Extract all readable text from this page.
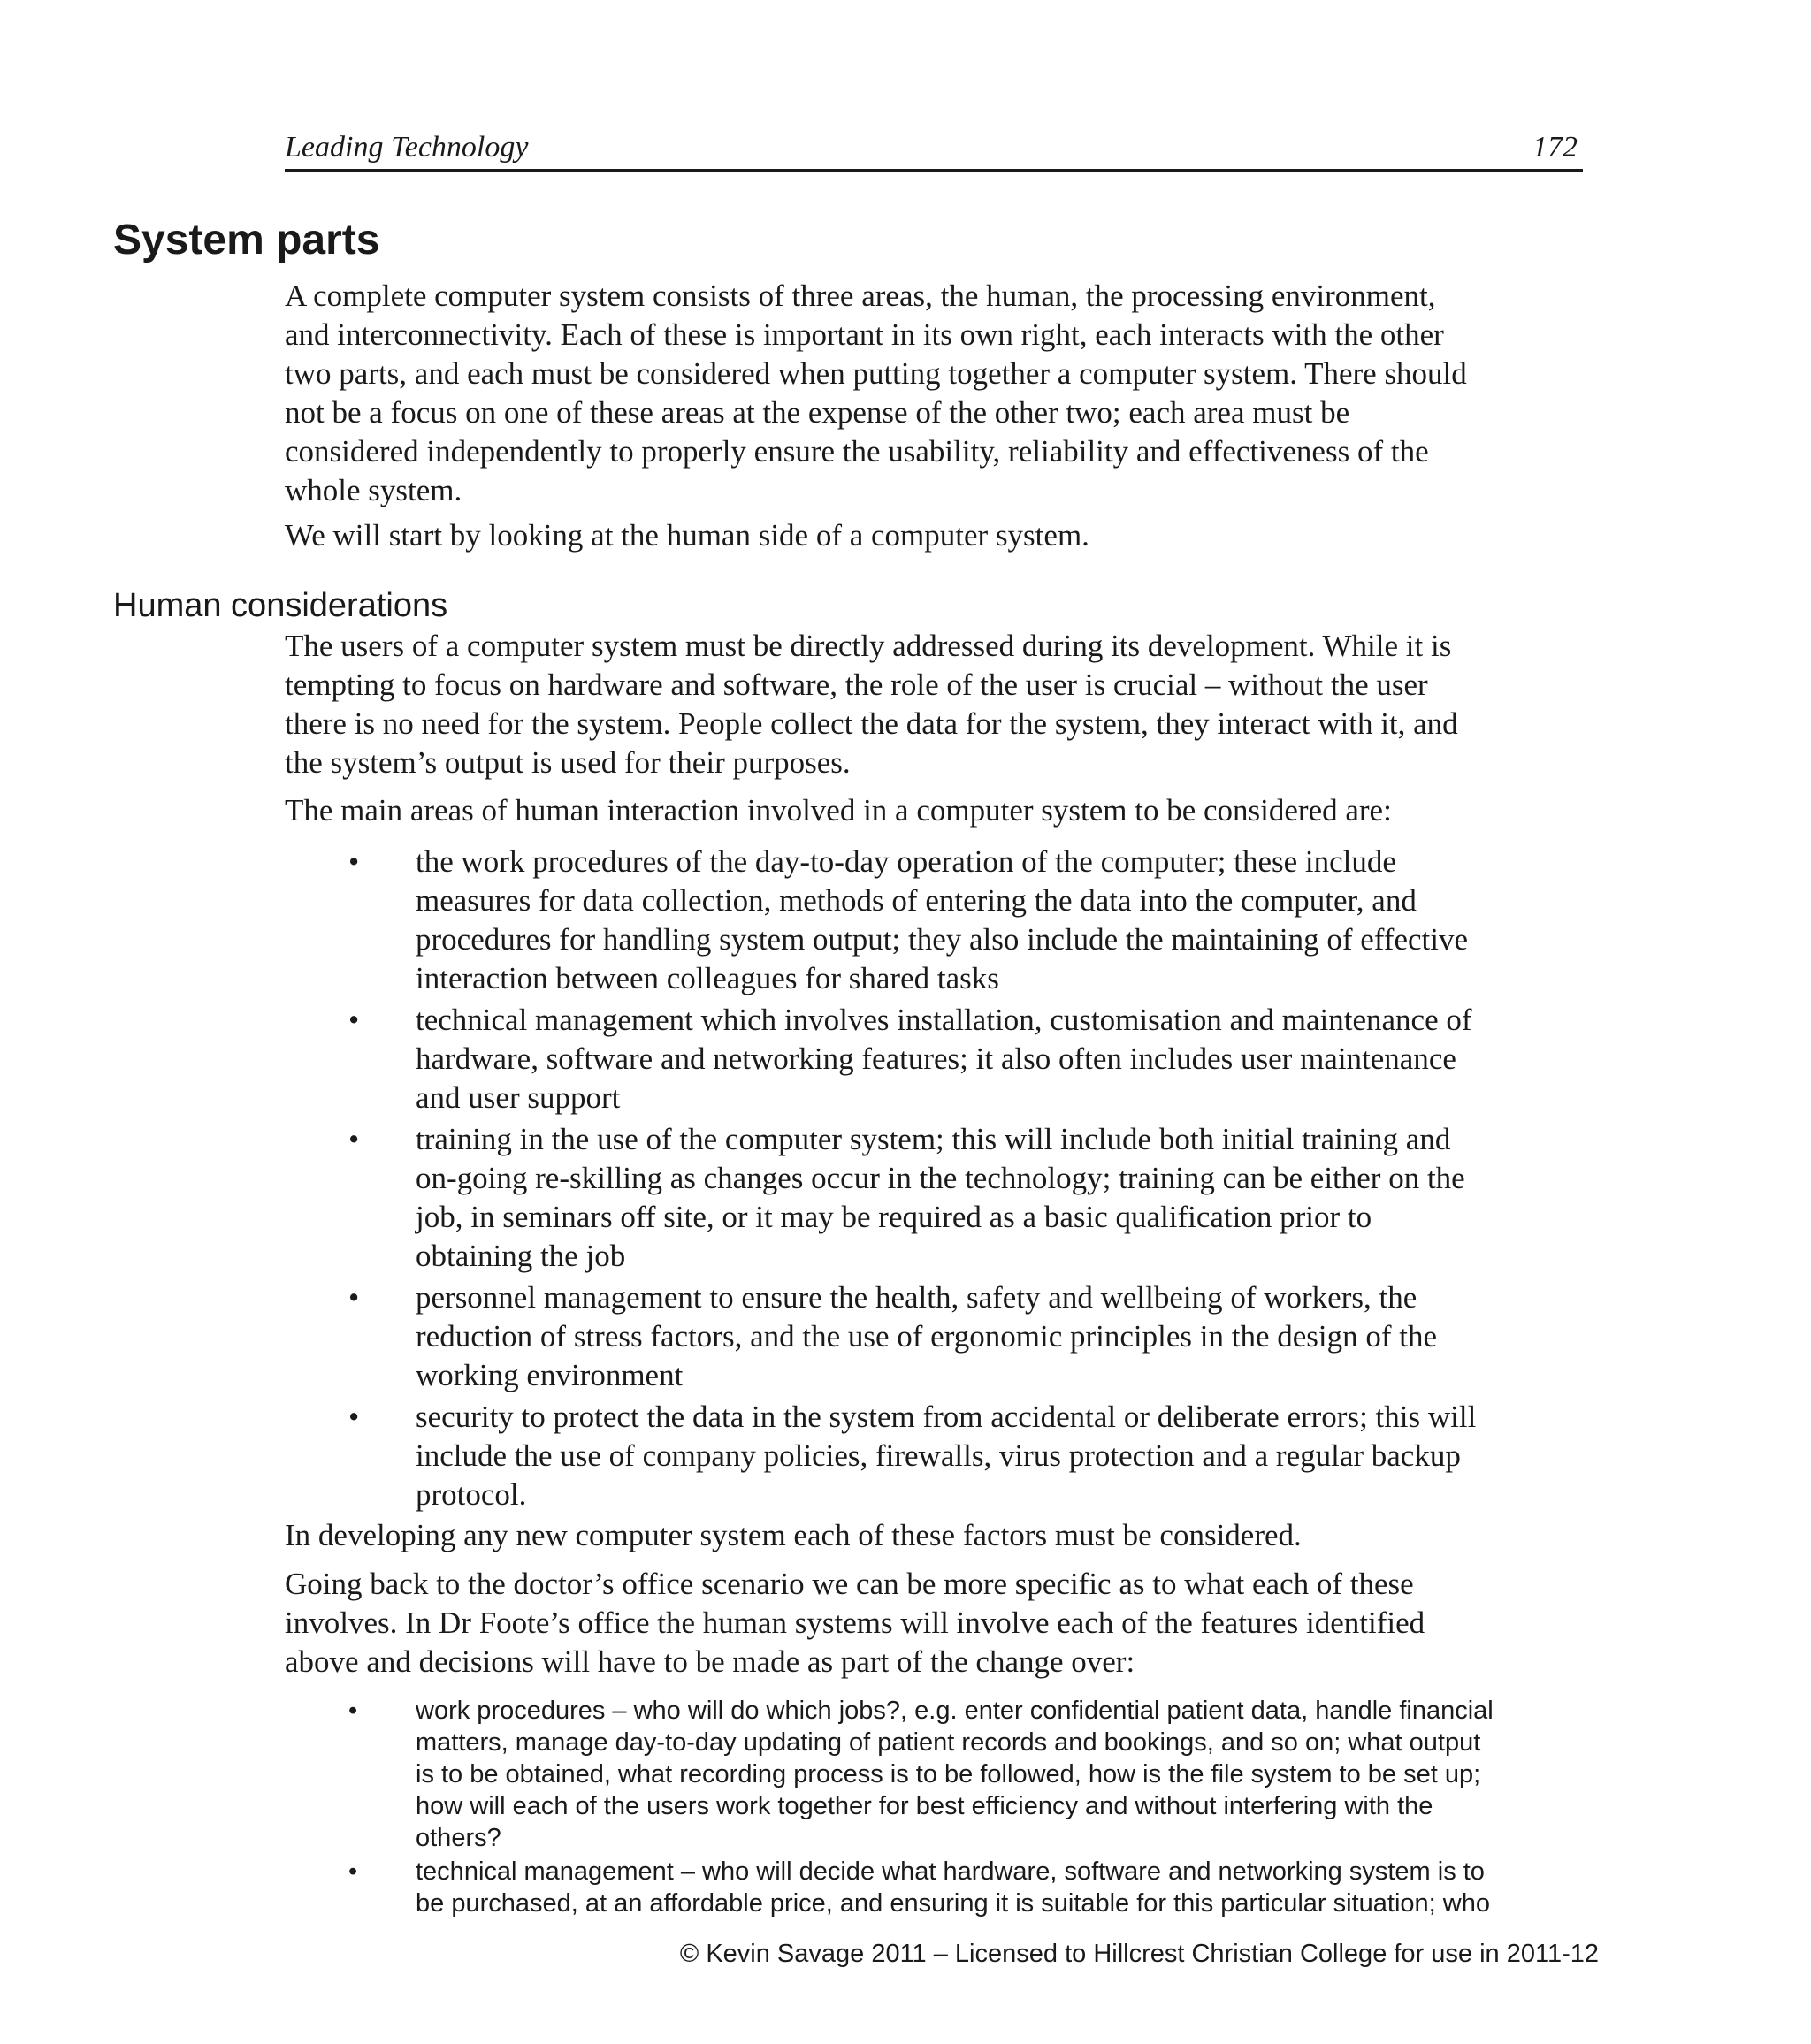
Leading Technology	172
System parts

A complete computer system consists of three areas, the human, the processing environment,
and interconnectivity. Each of these is important in its own right, each interacts with the other
two parts, and each must be considered when putting together a computer system. There should
not be a focus on one of these areas at the expense of the other two; each area must be
considered independently to properly ensure the usability, reliability and effectiveness of the
whole system.

We will start by looking at the human side of a computer system.

Human considerations

The users of a computer system must be directly addressed during its development. While it is
tempting to focus on hardware and software, the role of the user is crucial – without the user
there is no need for the system. People collect the data for the system, they interact with it, and
the system’s output is used for their purposes.

The main areas of human interaction involved in a computer system to be considered are:

• the work procedures of the day-to-day operation of the computer; these include
measures for data collection, methods of entering the data into the computer, and
procedures for handling system output; they also include the maintaining of effective
interaction between colleagues for shared tasks
• technical management which involves installation, customisation and maintenance of
hardware, software and networking features; it also often includes user maintenance
and user support
• training in the use of the computer system; this will include both initial training and
on-going re-skilling as changes occur in the technology; training can be either on the
job, in seminars off site, or it may be required as a basic qualification prior to
obtaining the job
• personnel management to ensure the health, safety and wellbeing of workers, the
reduction of stress factors, and the use of ergonomic principles in the design of the
working environment
• security to protect the data in the system from accidental or deliberate errors; this will
include the use of company policies, firewalls, virus protection and a regular backup
protocol.

In developing any new computer system each of these factors must be considered.

Going back to the doctor’s office scenario we can be more specific as to what each of these
involves. In Dr Foote’s office the human systems will involve each of the features identified
above and decisions will have to be made as part of the change over:

• work procedures – who will do which jobs?, e.g. enter confidential patient data, handle financial
matters, manage day-to-day updating of patient records and bookings, and so on; what output
is to be obtained, what recording process is to be followed, how is the file system to be set up;
how will each of the users work together for best efficiency and without interfering with the
others?
• technical management – who will decide what hardware, software and networking system is to
be purchased, at an affordable price, and ensuring it is suitable for this particular situation; who
© Kevin Savage 2011 – Licensed to Hillcrest Christian College for use in 2011-12
